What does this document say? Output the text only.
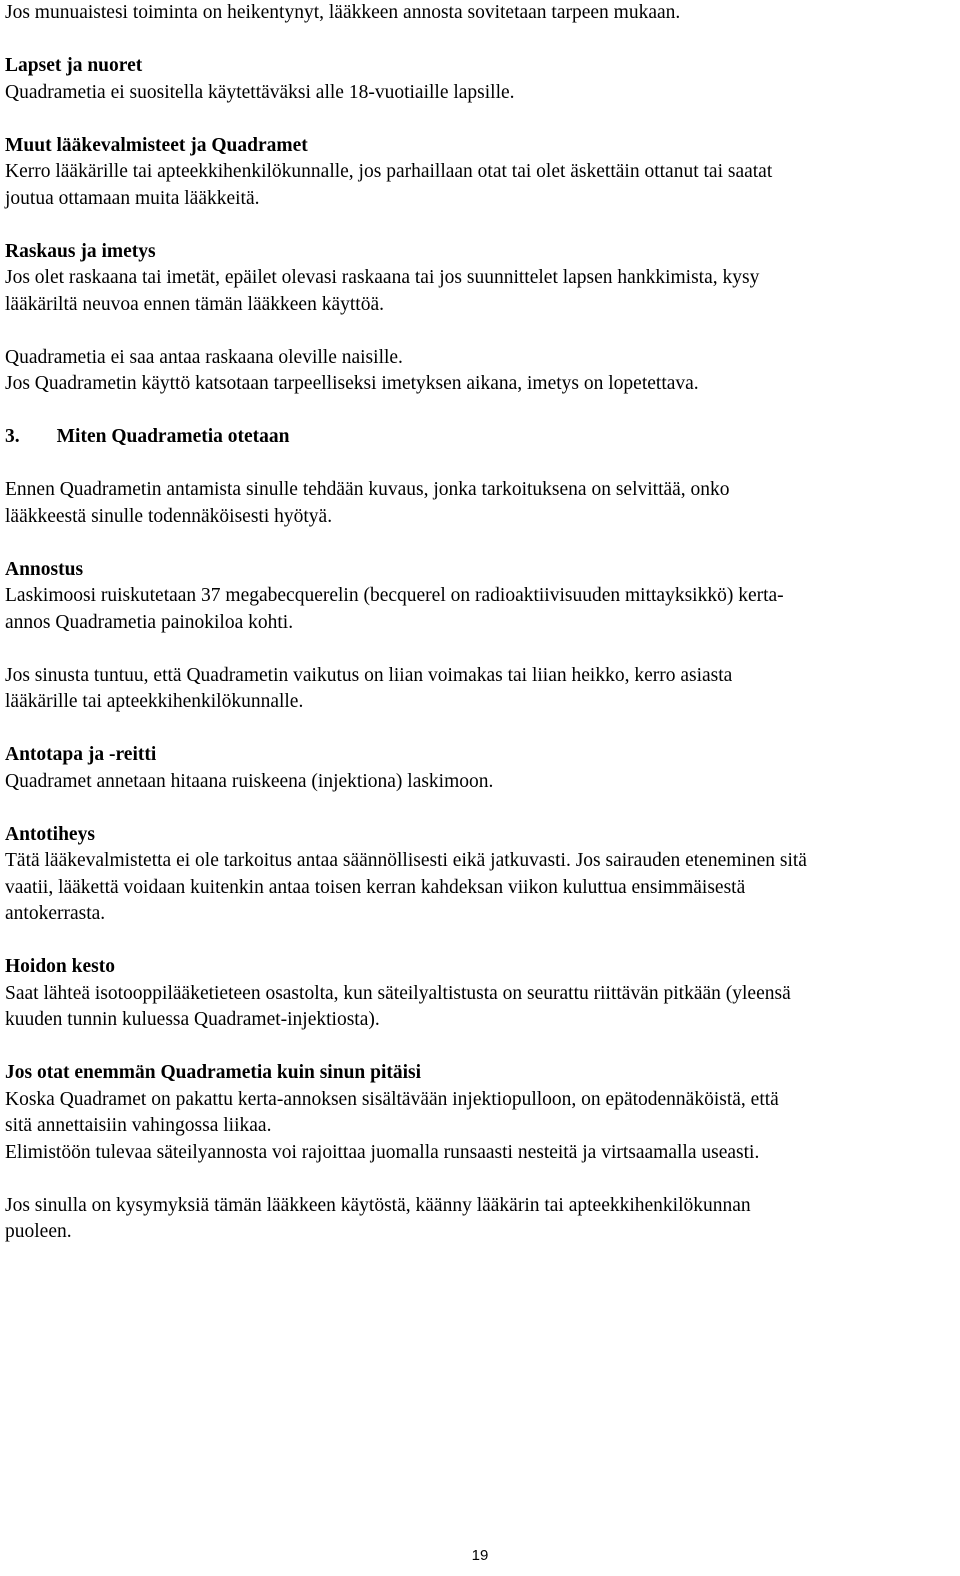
Jos munuaistesi toiminta on heikentynyt, lääkkeen annosta sovitetaan tarpeen mukaan.
Lapset ja nuoret
Quadrametia ei suositella käytettäväksi alle 18-vuotiaille lapsille.
Muut lääkevalmisteet ja Quadramet
Kerro lääkärille tai apteekkihenkilökunnalle, jos parhaillaan otat tai olet äskettäin ottanut tai saatat
joutua ottamaan muita lääkkeitä.
Raskaus ja imetys
Jos olet raskaana tai imetät, epäilet olevasi raskaana tai jos suunnittelet lapsen hankkimista, kysy
lääkäriltä neuvoa ennen tämän lääkkeen käyttöä.
Quadrametia ei saa antaa raskaana oleville naisille.
Jos Quadrametin käyttö katsotaan tarpeelliseksi imetyksen aikana, imetys on lopetettava.
3. Miten Quadrametia otetaan
Ennen Quadrametin antamista sinulle tehdään kuvaus, jonka tarkoituksena on selvittää, onko
lääkkeestä sinulle todennäköisesti hyötyä.
Annostus
Laskimoosi ruiskutetaan 37 megabecquerelin (becquerel on radioaktiivisuuden mittayksikkö) kerta-
annos Quadrametia painokiloa kohti.
Jos sinusta tuntuu, että Quadrametin vaikutus on liian voimakas tai liian heikko, kerro asiasta
lääkärille tai apteekkihenkilökunnalle.
Antotapa ja -reitti
Quadramet annetaan hitaana ruiskeena (injektiona) laskimoon.
Antotiheys
Tätä lääkevalmistetta ei ole tarkoitus antaa säännöllisesti eikä jatkuvasti. Jos sairauden eteneminen sitä
vaatii, lääkettä voidaan kuitenkin antaa toisen kerran kahdeksan viikon kuluttua ensimmäisestä
antokerrasta.
Hoidon kesto
Saat lähteä isotooppilääketieteen osastolta, kun säteilyaltistusta on seurattu riittävän pitkään (yleensä
kuuden tunnin kuluessa Quadramet-injektiosta).
Jos otat enemmän Quadrametia kuin sinun pitäisi
Koska Quadramet on pakattu kerta-annoksen sisältävään injektiopulloon, on epätodennäköistä, että
sitä annettaisiin vahingossa liikaa.
Elimistöön tulevaa säteilyannosta voi rajoittaa juomalla runsaasti nesteitä ja virtsaamalla useasti.
Jos sinulla on kysymyksiä tämän lääkkeen käytöstä, käänny lääkärin tai apteekkihenkilökunnan
puoleen.
19
